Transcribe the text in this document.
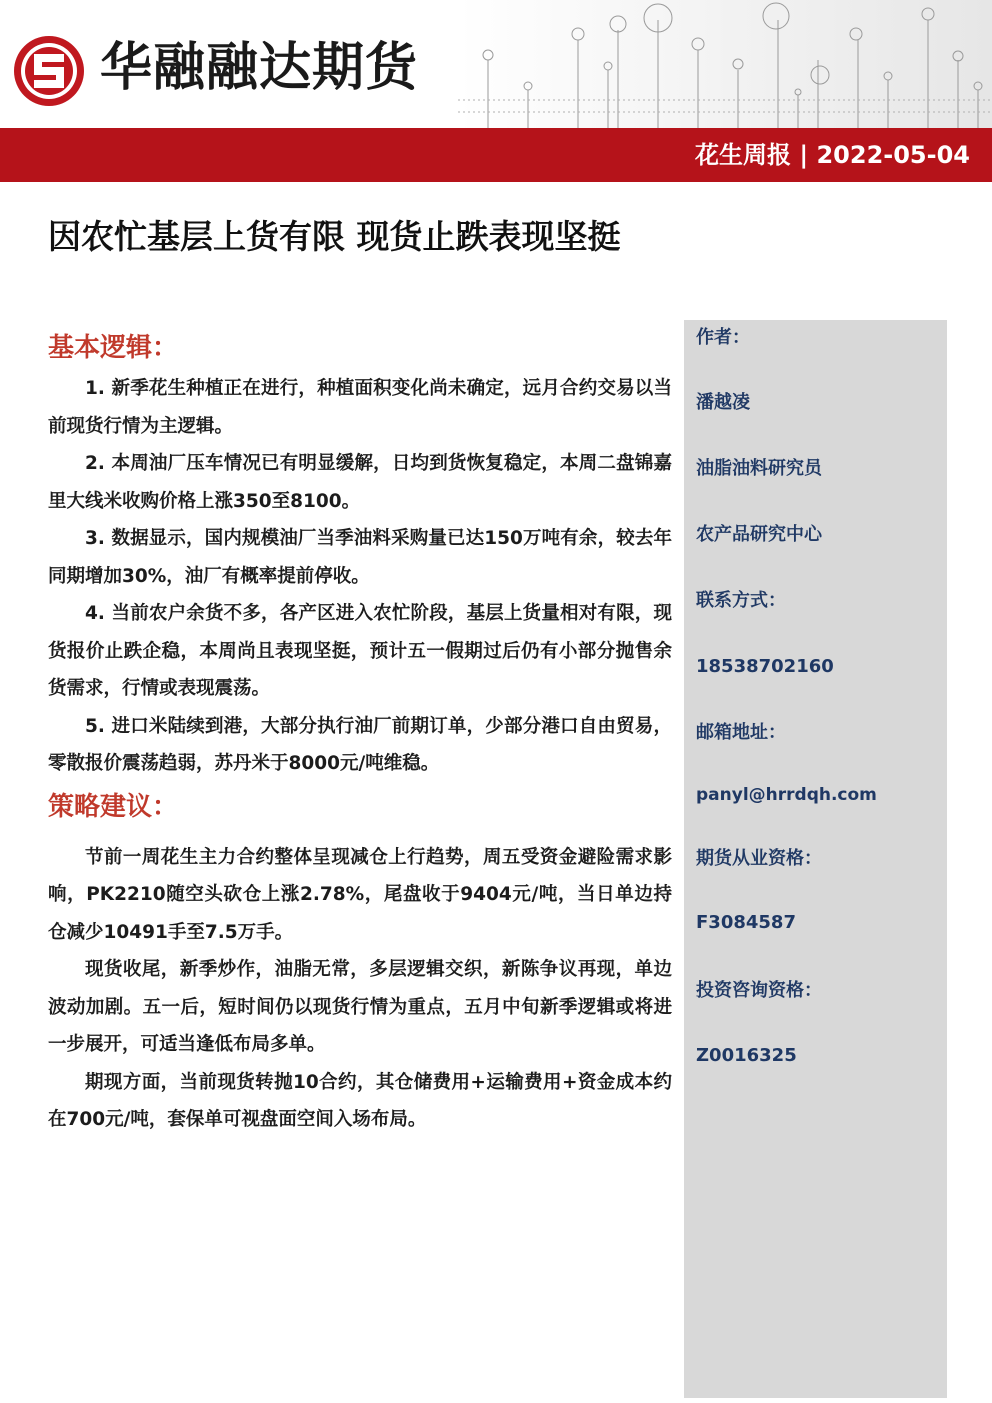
华融融达期货
花生周报 | 2022-05-04
因农忙基层上货有限 现货止跌表现坚挺

基本逻辑：

1. 新季花生种植正在进行，种植面积变化尚未确定，远月合约交易以当前现货行情为主逻辑。

2. 本周油厂压车情况已有明显缓解，日均到货恢复稳定，本周二盘锦嘉里大线米收购价格上涨350至8100。

3. 数据显示，国内规模油厂当季油料采购量已达150万吨有余，较去年同期增加30%，油厂有概率提前停收。

4. 当前农户余货不多，各产区进入农忙阶段，基层上货量相对有限，现货报价止跌企稳，本周尚且表现坚挺，预计五一假期过后仍有小部分抛售余货需求，行情或表现震荡。

5. 进口米陆续到港，大部分执行油厂前期订单，少部分港口自由贸易，零散报价震荡趋弱，苏丹米于8000元/吨维稳。

策略建议：

节前一周花生主力合约整体呈现减仓上行趋势，周五受资金避险需求影响，PK2210随空头砍仓上涨2.78%，尾盘收于9404元/吨，当日单边持仓减少10491手至7.5万手。

现货收尾，新季炒作，油脂无常，多层逻辑交织，新陈争议再现，单边波动加剧。五一后，短时间仍以现货行情为重点，五月中旬新季逻辑或将进一步展开，可适当逢低布局多单。

期现方面，当前现货转抛10合约，其仓储费用+运输费用+资金成本约在700元/吨，套保单可视盘面空间入场布局。

作者：
潘越凌
油脂油料研究员
农产品研究中心
联系方式：
18538702160
邮箱地址：
panyl@hrrdqh.com
期货从业资格：
F3084587
投资咨询资格：
Z0016325
